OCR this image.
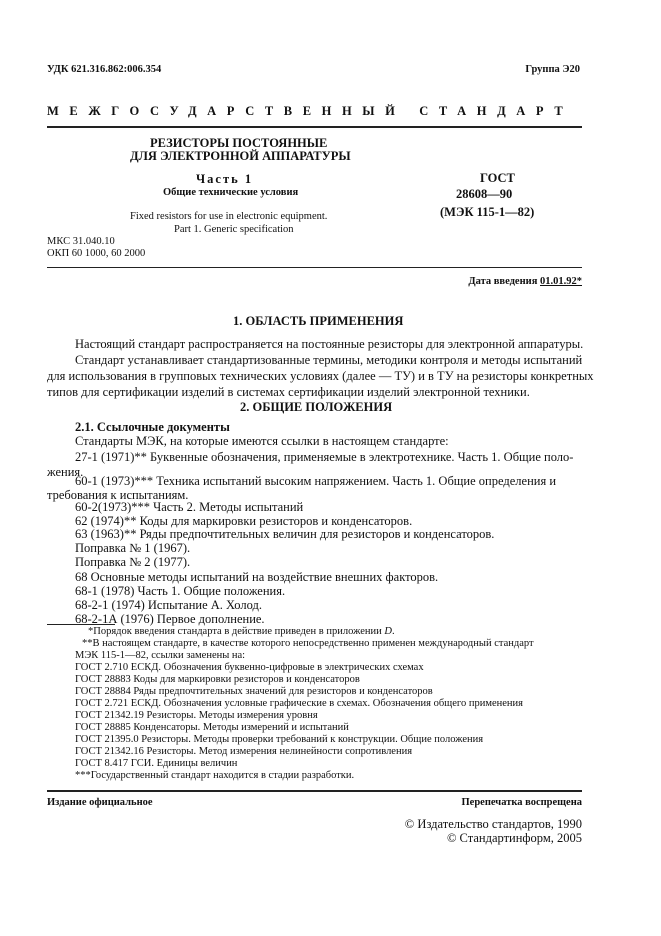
УДК 621.316.862:006.354	Группа Э20
МЕЖГОСУДАРСТВЕННЫЙ СТАНДАРТ
РЕЗИСТОРЫ ПОСТОЯННЫЕ
ДЛЯ ЭЛЕКТРОННОЙ АППАРАТУРЫ
Часть 1
Общие технические условия
Fixed resistors for use in electronic equipment.
Part 1. Generic specification
МКС 31.040.10
ОКП 60 1000, 60 2000
ГОСТ
28608—90
(МЭК 115-1—82)
Дата введения 01.01.92*
1. ОБЛАСТЬ ПРИМЕНЕНИЯ
Настоящий стандарт распространяется на постоянные резисторы для электронной аппаратуры.
Стандарт устанавливает стандартизованные термины, методики контроля и методы испытаний
для использования в групповых технических условиях (далее — ТУ) и в ТУ на резисторы конкретных
типов для сертификации изделий в системах сертификации изделий электронной техники.
2. ОБЩИЕ ПОЛОЖЕНИЯ
2.1. Ссылочные документы
Стандарты МЭК, на которые имеются ссылки в настоящем стандарте:
27-1 (1971)** Буквенные обозначения, применяемые в электротехнике. Часть 1. Общие поло-
жения.
60-1 (1973)*** Техника испытаний высоким напряжением. Часть 1. Общие определения и
требования к испытаниям.
60-2(1973)*** Часть 2. Методы испытаний
62 (1974)** Коды для маркировки резисторов и конденсаторов.
63 (1963)** Ряды предпочтительных величин для резисторов и конденсаторов.
Поправка № 1 (1967).
Поправка № 2 (1977).
68 Основные методы испытаний на воздействие внешних факторов.
68-1 (1978) Часть 1. Общие положения.
68-2-1 (1974) Испытание А. Холод.
68-2-1А (1976) Первое дополнение.
*Порядок введения стандарта в действие приведен в приложении D.
**В настоящем стандарте, в качестве которого непосредственно применен международный стандарт
МЭК 115-1—82, ссылки заменены на:
ГОСТ 2.710 ЕСКД. Обозначения буквенно-цифровые в электрических схемах
ГОСТ 28883 Коды для маркировки резисторов и конденсаторов
ГОСТ 28884 Ряды предпочтительных значений для резисторов и конденсаторов
ГОСТ 2.721 ЕСКД. Обозначения условные графические в схемах. Обозначения общего применения
ГОСТ 21342.19 Резисторы. Методы измерения уровня
ГОСТ 28885 Конденсаторы. Методы измерений и испытаний
ГОСТ 21395.0 Резисторы. Методы проверки требований к конструкции. Общие положения
ГОСТ 21342.16 Резисторы. Метод измерения нелинейности сопротивления
ГОСТ 8.417 ГСИ. Единицы величин
***Государственный стандарт находится в стадии разработки.
Издание официальное	Перепечатка воспрещена
© Издательство стандартов, 1990
© Стандартинформ, 2005
